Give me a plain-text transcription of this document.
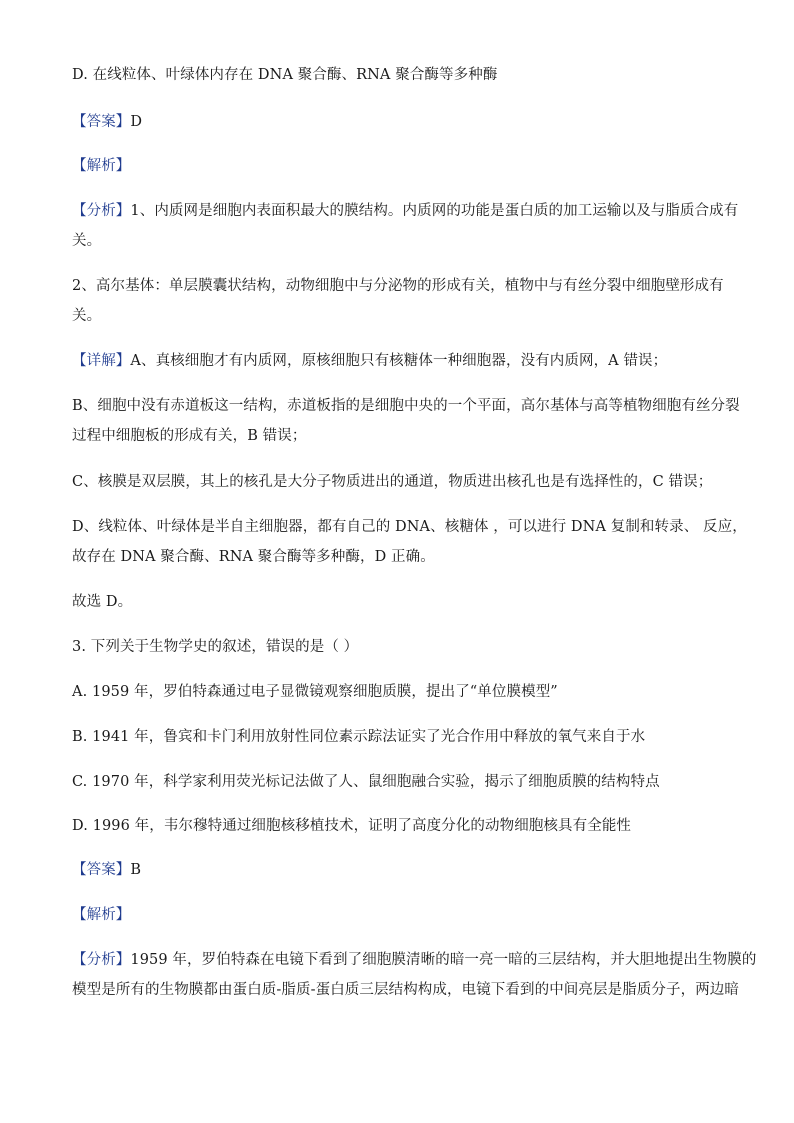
D. 在线粒体、叶绿体内存在 DNA 聚合酶、RNA 聚合酶等多种酶
【答案】D
【解析】
【分析】1、内质网是细胞内表面积最大的膜结构。内质网的功能是蛋白质的加工运输以及与脂质合成有
关。
2、高尔基体：单层膜囊状结构，动物细胞中与分泌物的形成有关，植物中与有丝分裂中细胞壁形成有
关。
【详解】A、真核细胞才有内质网，原核细胞只有核糖体一种细胞器，没有内质网，A 错误；
B、细胞中没有赤道板这一结构，赤道板指的是细胞中央的一个平面，高尔基体与高等植物细胞有丝分裂
过程中细胞板的形成有关，B 错误；
C、核膜是双层膜，其上的核孔是大分子物质进出的通道，物质进出核孔也是有选择性的，C 错误；
D、线粒体、叶绿体是半自主细胞器，都有自己的 DNA、核糖体 ，可以进行 DNA 复制和转录、 反应，
故存在 DNA 聚合酶、RNA 聚合酶等多种酶，D 正确。
故选 D。
3. 下列关于生物学史的叙述，错误的是（ ）
A. 1959 年，罗伯特森通过电子显微镜观察细胞质膜，提出了“单位膜模型”
B. 1941 年，鲁宾和卡门利用放射性同位素示踪法证实了光合作用中释放的氧气来自于水
C. 1970 年，科学家利用荧光标记法做了人、鼠细胞融合实验，揭示了细胞质膜的结构特点
D. 1996 年，韦尔穆特通过细胞核移植技术，证明了高度分化的动物细胞核具有全能性
【答案】B
【解析】
【分析】1959 年，罗伯特森在电镜下看到了细胞膜清晰的暗一亮一暗的三层结构，并大胆地提出生物膜的
模型是所有的生物膜都由蛋白质-脂质-蛋白质三层结构构成，电镜下看到的中间亮层是脂质分子，两边暗
